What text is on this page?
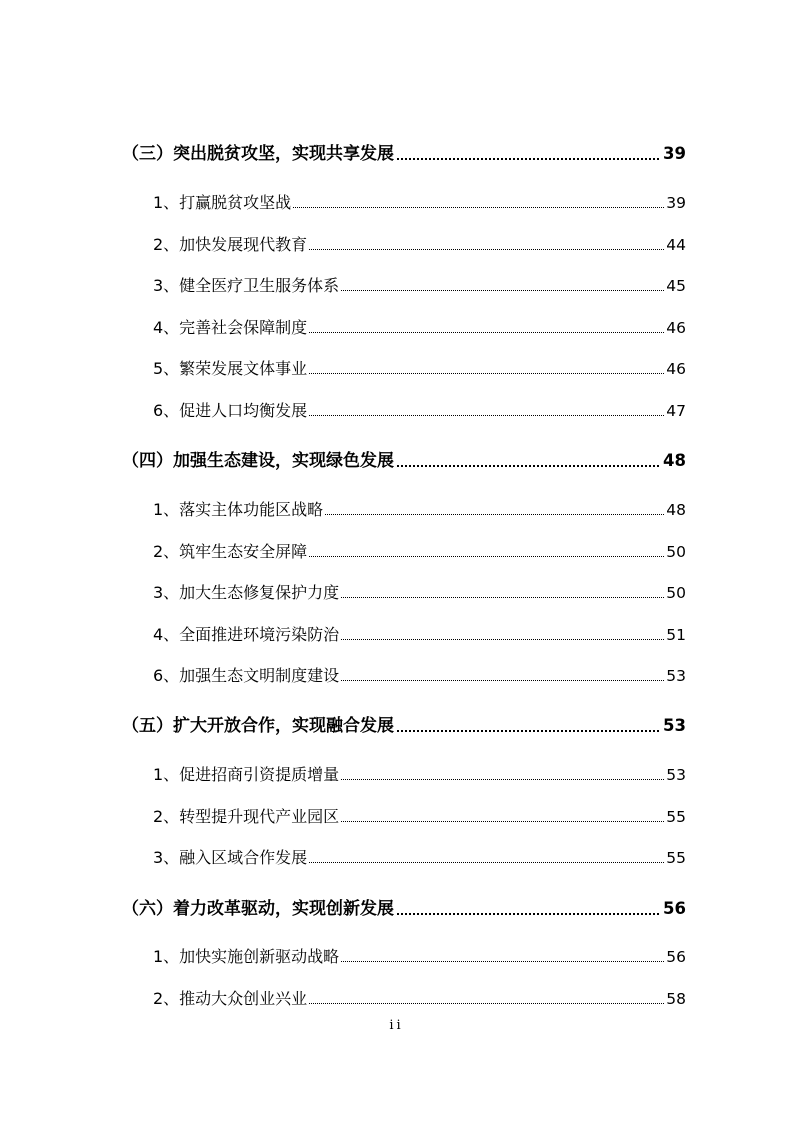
（三）突出脱贫攻坚，实现共享发展	39
1、打赢脱贫攻坚战	39
2、加快发展现代教育	44
3、健全医疗卫生服务体系	45
4、完善社会保障制度	46
5、繁荣发展文体事业	46
6、促进人口均衡发展	47
（四）加强生态建设，实现绿色发展	48
1、落实主体功能区战略	48
2、筑牢生态安全屏障	50
3、加大生态修复保护力度	50
4、全面推进环境污染防治	51
6、加强生态文明制度建设	53
（五）扩大开放合作，实现融合发展	53
1、促进招商引资提质增量	53
2、转型提升现代产业园区	55
3、融入区域合作发展	55
（六）着力改革驱动，实现创新发展	56
1、加快实施创新驱动战略	56
2、推动大众创业兴业	58
ii
